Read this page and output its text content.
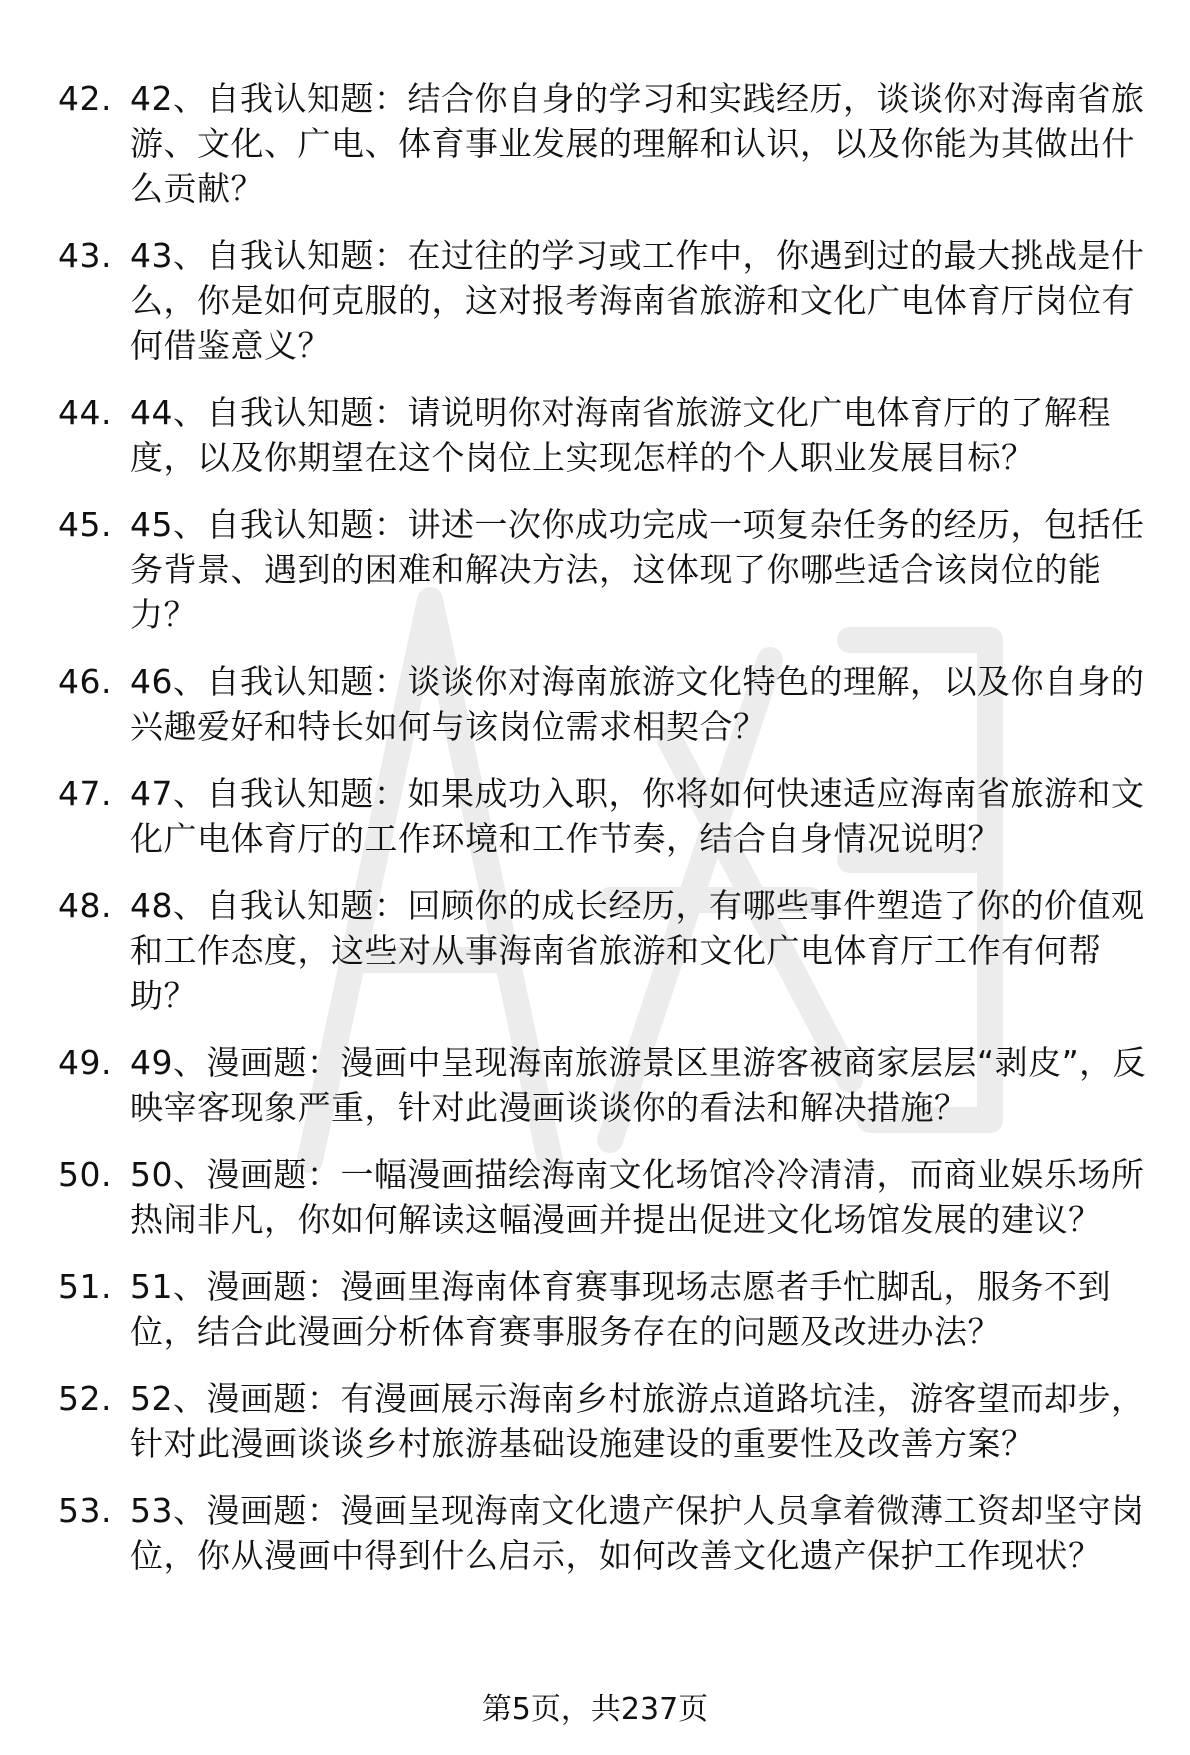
42. 42、自我认知题：结合你自身的学习和实践经历，谈谈你对海南省旅游、文化、广电、体育事业发展的理解和认识，以及你能为其做出什么贡献？
43. 43、自我认知题：在过往的学习或工作中，你遇到过的最大挑战是什么，你是如何克服的，这对报考海南省旅游和文化广电体育厅岗位有何借鉴意义？
44. 44、自我认知题：请说明你对海南省旅游文化广电体育厅的了解程度，以及你期望在这个岗位上实现怎样的个人职业发展目标？
45. 45、自我认知题：讲述一次你成功完成一项复杂任务的经历，包括任务背景、遇到的困难和解决方法，这体现了你哪些适合该岗位的能力？
46. 46、自我认知题：谈谈你对海南旅游文化特色的理解，以及你自身的兴趣爱好和特长如何与该岗位需求相契合？
47. 47、自我认知题：如果成功入职，你将如何快速适应海南省旅游和文化广电体育厅的工作环境和工作节奏，结合自身情况说明？
48. 48、自我认知题：回顾你的成长经历，有哪些事件塑造了你的价值观和工作态度，这些对从事海南省旅游和文化广电体育厅工作有何帮助？
49. 49、漫画题：漫画中呈现海南旅游景区里游客被商家层层“剥皮”，反映宰客现象严重，针对此漫画谈谈你的看法和解决措施？
50. 50、漫画题：一幅漫画描绘海南文化场馆冷冷清清，而商业娱乐场所热闹非凡，你如何解读这幅漫画并提出促进文化场馆发展的建议？
51. 51、漫画题：漫画里海南体育赛事现场志愿者手忙脚乱，服务不到位，结合此漫画分析体育赛事服务存在的问题及改进办法？
52. 52、漫画题：有漫画展示海南乡村旅游点道路坑洼，游客望而却步，针对此漫画谈谈乡村旅游基础设施建设的重要性及改善方案？
53. 53、漫画题：漫画呈现海南文化遗产保护人员拿着微薄工资却坚守岗位，你从漫画中得到什么启示，如何改善文化遗产保护工作现状？
第5页，共237页
